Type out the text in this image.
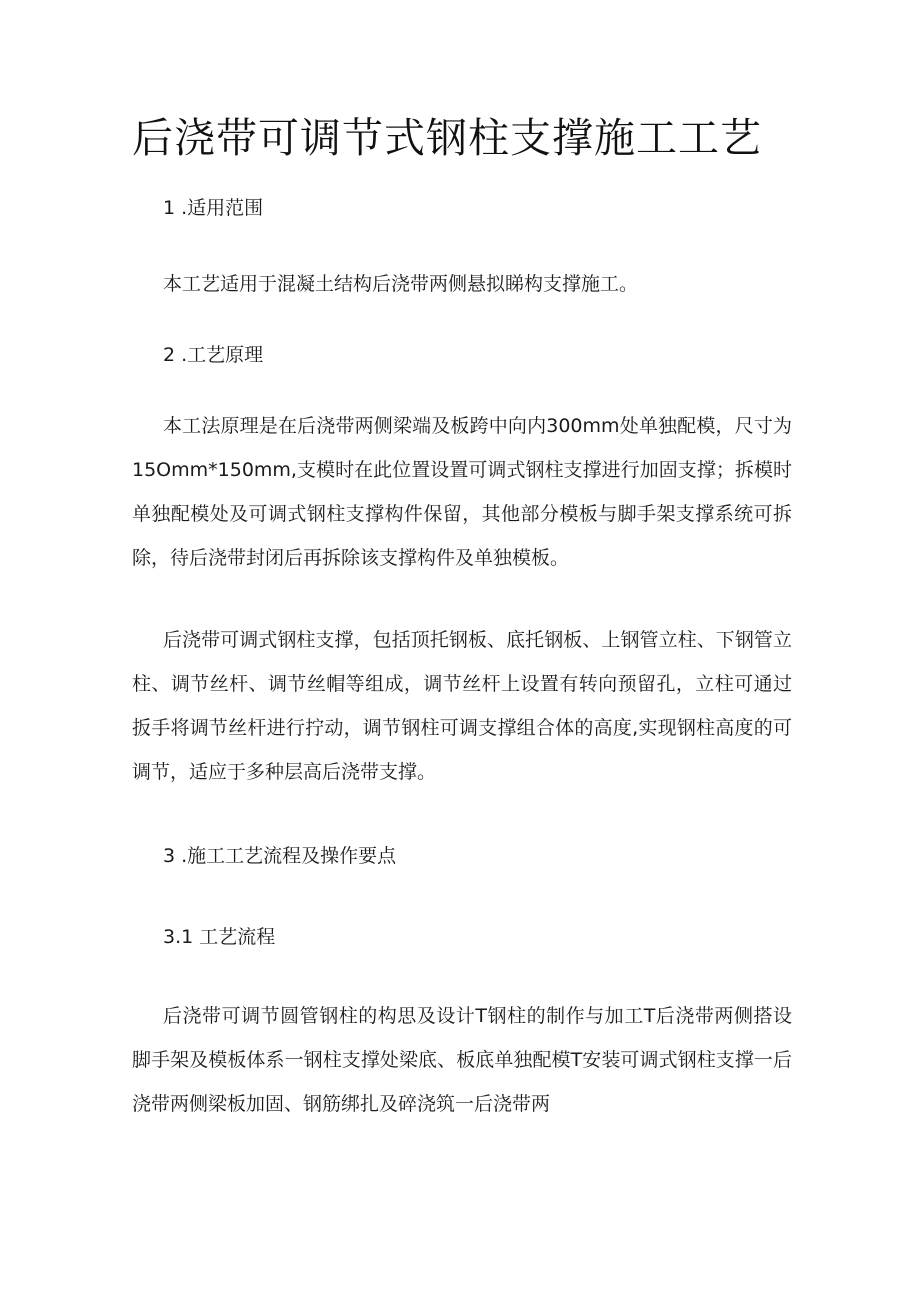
后浇带可调节式钢柱支撑施工工艺
1 .适用范围

本工艺适用于混凝土结构后浇带两侧悬拟睇构支撑施工。

2 .工艺原理

本工法原理是在后浇带两侧梁端及板跨中向内300mm处单独配模，尺寸为15Omm*150mm,支模时在此位置设置可调式钢柱支撑进行加固支撑；拆模时单独配模处及可调式钢柱支撑构件保留，其他部分模板与脚手架支撑系统可拆除，待后浇带封闭后再拆除该支撑构件及单独模板。

后浇带可调式钢柱支撑，包括顶托钢板、底托钢板、上钢管立柱、下钢管立柱、调节丝杆、调节丝帽等组成，调节丝杆上设置有转向预留孔，立柱可通过扳手将调节丝杆进行拧动，调节钢柱可调支撑组合体的高度,实现钢柱高度的可调节，适应于多种层高后浇带支撑。

3 .施工工艺流程及操作要点
3.1 工艺流程

后浇带可调节圆管钢柱的构思及设计T钢柱的制作与加工T后浇带两侧搭设脚手架及模板体系一钢柱支撑处梁底、板底单独配模T安装可调式钢柱支撑一后浇带两侧梁板加固、钢筋绑扎及碎浇筑一后浇带两
